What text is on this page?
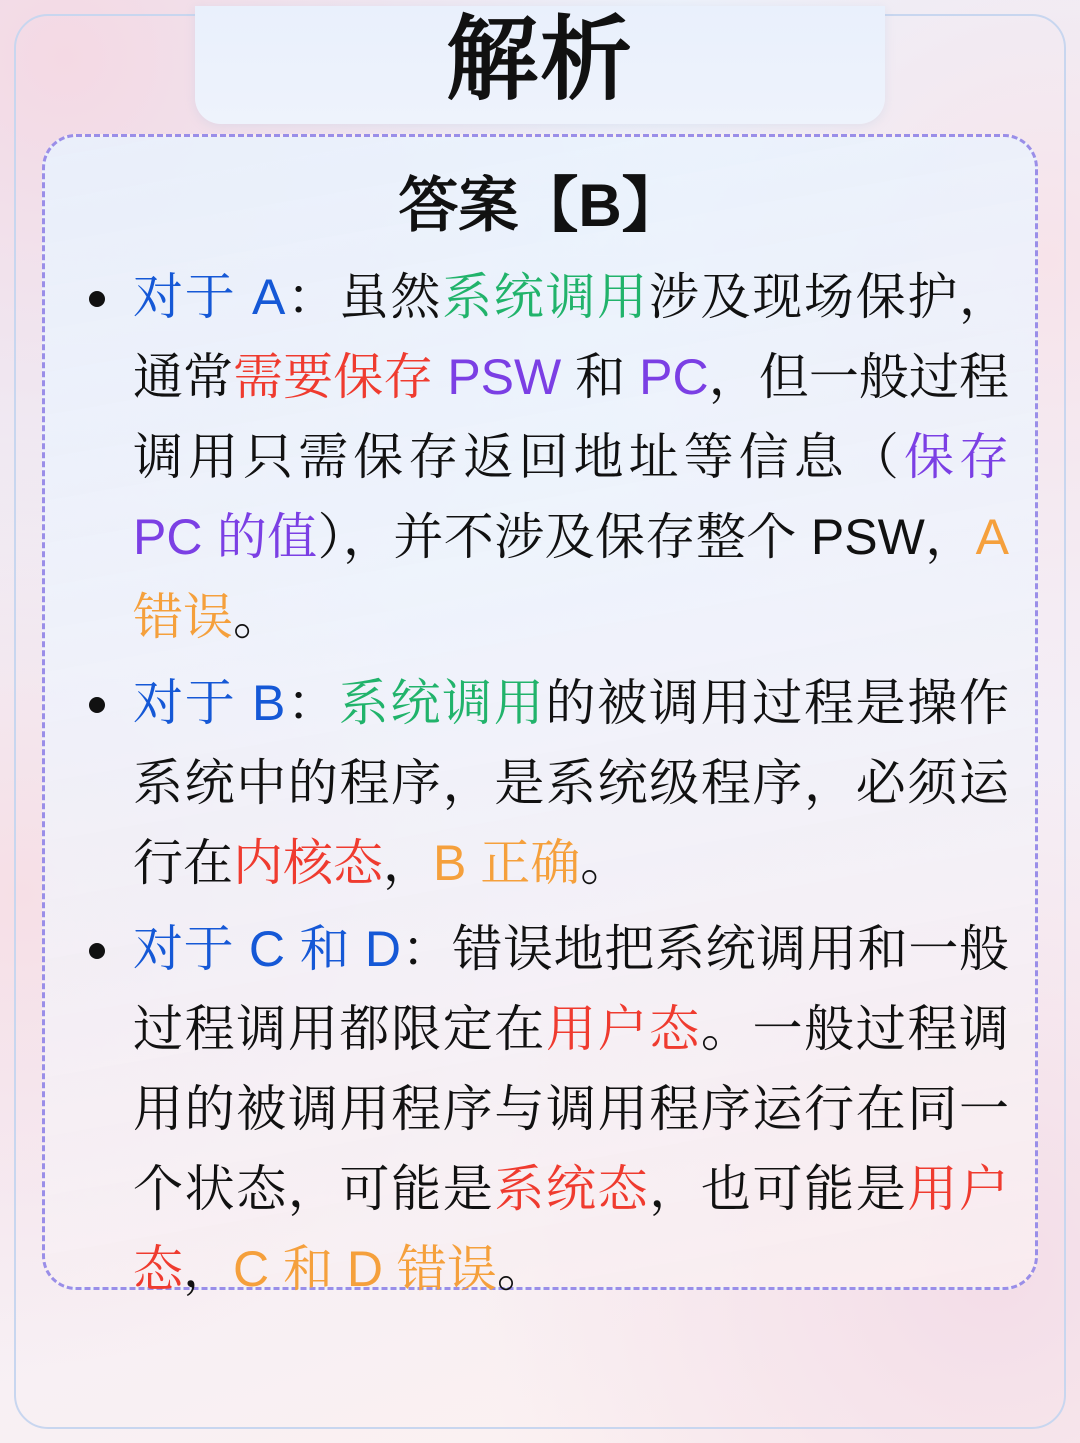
解析
答案【B】
对于 A：虽然系统调用涉及现场保护，通常需要保存 PSW 和 PC，但一般过程调用只需保存返回地址等信息（保存 PC 的值），并不涉及保存整个 PSW，A 错误。
对于 B：系统调用的被调用过程是操作系统中的程序，是系统级程序，必须运行在内核态，B 正确。
对于 C 和 D：错误地把系统调用和一般过程调用都限定在用户态。一般过程调用的被调用程序与调用程序运行在同一个状态，可能是系统态，也可能是用户态，C 和 D 错误。
